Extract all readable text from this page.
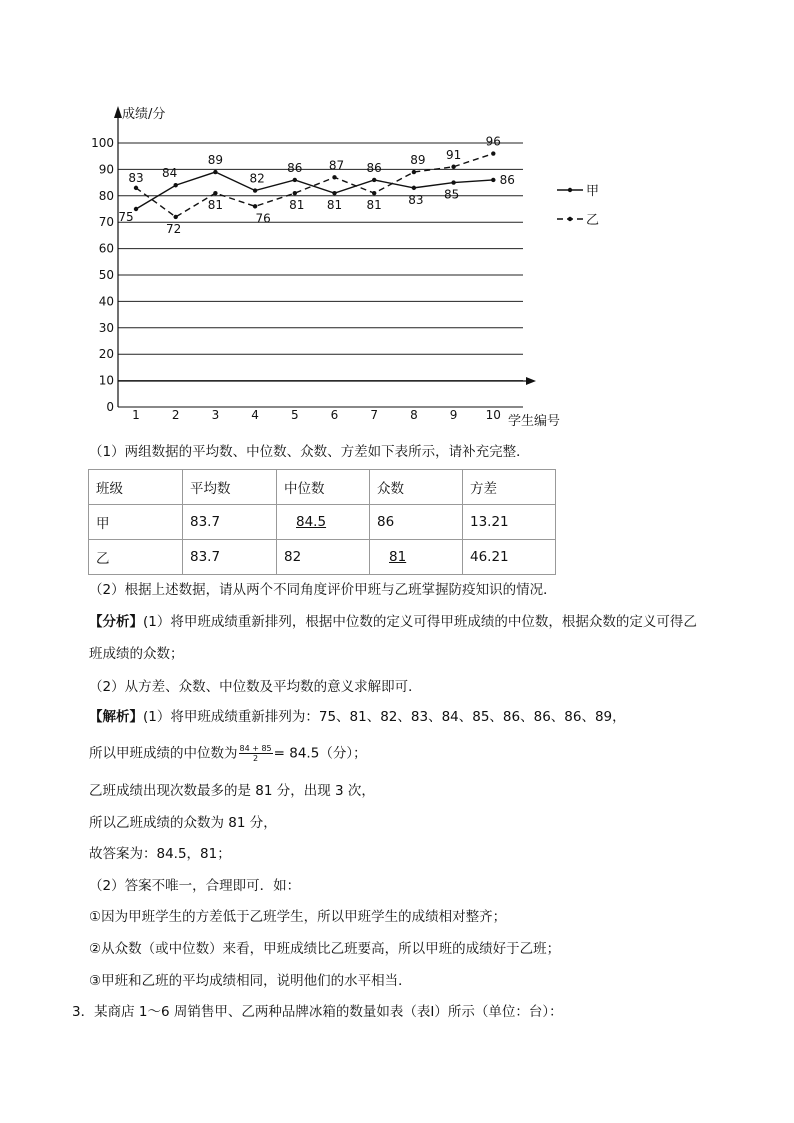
0
10
20
30
40
50
60
70
80
90
100
1	2	3	4	5	6	7	8	9 10
成绩/分
学生编号
75
84
89
82
86
81
86
83 85
86
83
72
81
76
81
87
81
89 91
96
甲
乙
（1）两组数据的平均数、中位数、众数、方差如下表所示，请补充完整．
班级	平均数	中位数	众数	方差
甲	83.7	84.5	86	13.21
乙	83.7	82	81	46.21
（2）根据上述数据，请从两个不同角度评价甲班与乙班掌握防疫知识的情况．
【分析】(1）将甲班成绩重新排列，根据中位数的定义可得甲班成绩的中位数，根据众数的定义可得乙
班成绩的众数；
（2）从方差、众数、中位数及平均数的意义求解即可．
【解析】(1）将甲班成绩重新排列为：75、81、82、83、84、85、86、86、86、89，
所以甲班成绩的中位数为 $\frac{84 + 85}{2} = 84.5$（分）；
乙班成绩出现次数最多的是 81 分，出现 3 次，
所以乙班成绩的众数为 81 分，
故答案为：84.5，81；
（2）答案不唯一，合理即可．如：
①因为甲班学生的方差低于乙班学生，所以甲班学生的成绩相对整齐；
②从众数（或中位数）来看，甲班成绩比乙班要高，所以甲班的成绩好于乙班；
③甲班和乙班的平均成绩相同，说明他们的水平相当．
3．某商店 1～6 周销售甲、乙两种品牌冰箱的数量如表（表Ⅰ）所示（单位：台）：
